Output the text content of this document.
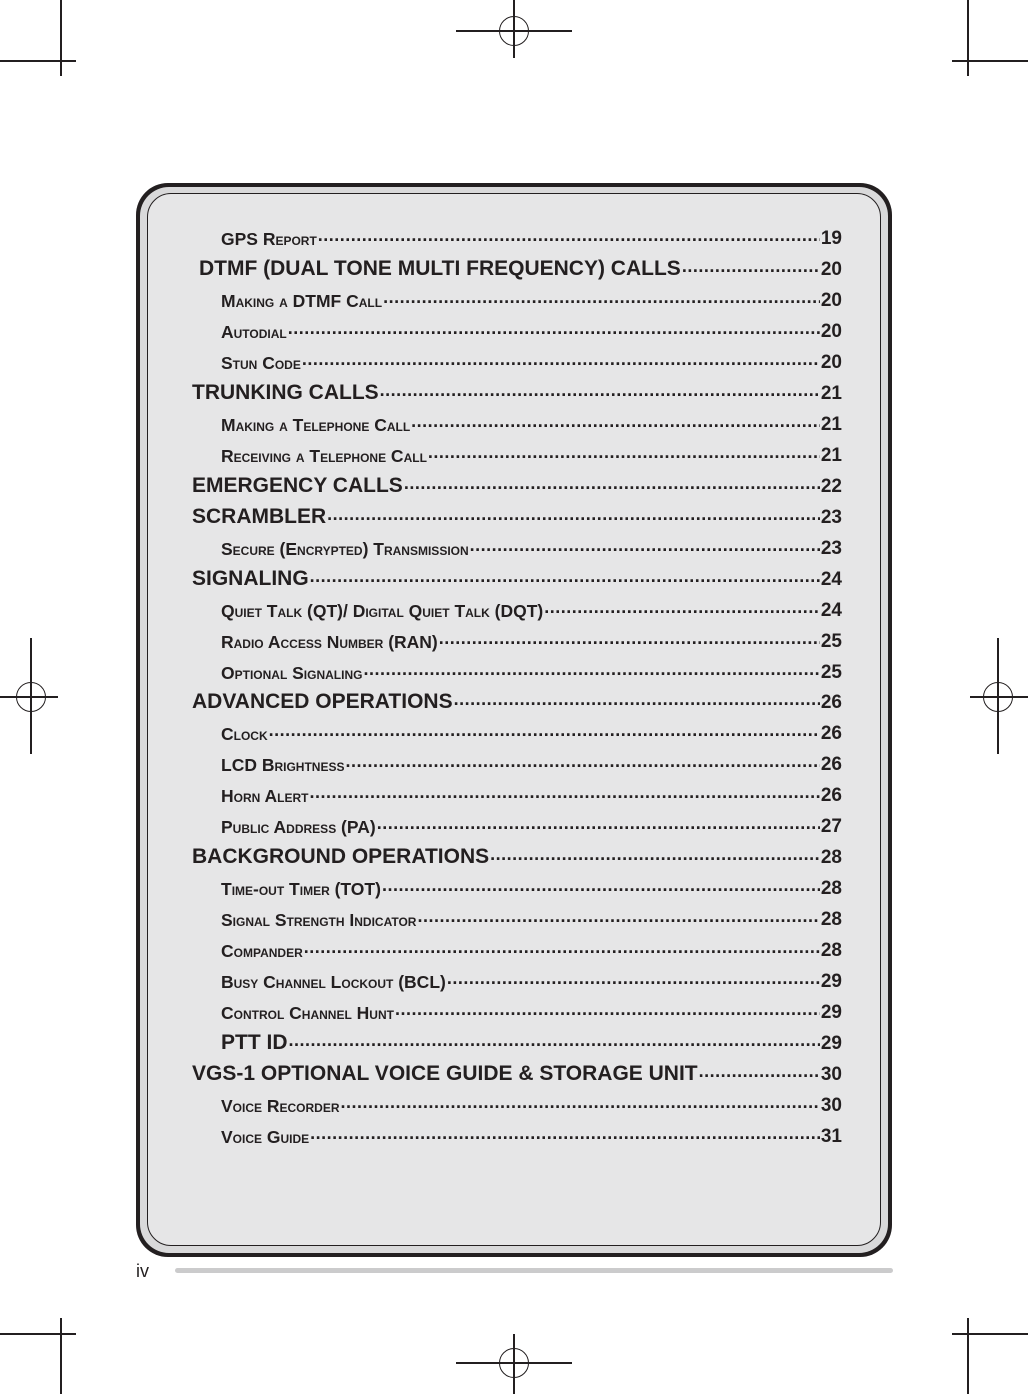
GPS Report .....	19
DTMF (DUAL TONE MULTI FREQUENCY) CALLS .....	20
Making a DTMF Call .....	20
Autodial .....	20
Stun Code .....	20
TRUNKING CALLS .....	21
Making a Telephone Call .....	21
Receiving a Telephone Call .....	21
EMERGENCY CALLS .....	22
SCRAMBLER .....	23
Secure (Encrypted) Transmission .....	23
SIGNALING .....	24
Quiet Talk (QT)/ Digital Quiet Talk (DQT) .....	24
Radio Access Number (RAN) .....	25
Optional Signaling .....	25
ADVANCED OPERATIONS .....	26
Clock .....	26
LCD Brightness .....	26
Horn Alert .....	26
Public Address (PA) .....	27
BACKGROUND OPERATIONS .....	28
Time-out Timer (TOT) .....	28
Signal Strength Indicator .....	28
Compander .....	28
Busy Channel Lockout (BCL) .....	29
Control Channel Hunt .....	29
PTT ID .....	29
VGS-1 OPTIONAL VOICE GUIDE & STORAGE UNIT .....	30
Voice Recorder .....	30
Voice Guide .....	31
iv
